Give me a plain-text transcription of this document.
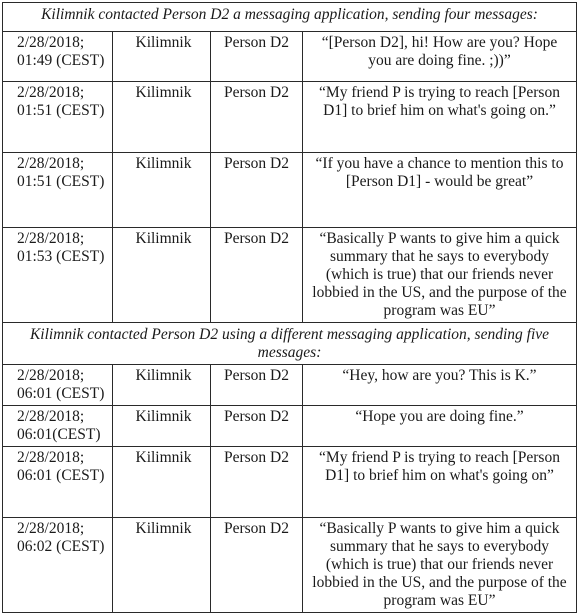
Kilimnik contacted Person D2 a messaging application, sending four messages:			

2/28/2018;
01:49 (CEST)	Kilimnik	Person D2	“[Person D2], hi! How are you? Hope you are doing fine. ;))”

2/28/2018;
01:51 (CEST)	Kilimnik	Person D2	“My friend P is trying to reach [Person D1] to brief him on what's going on.”

2/28/2018;
01:51 (CEST)	Kilimnik	Person D2	“If you have a chance to mention this to [Person D1] - would be great”

2/28/2018;
01:53 (CEST)	Kilimnik	Person D2	“Basically P wants to give him a quick summary that he says to everybody (which is true) that our friends never lobbied in the US, and the purpose of the program was EU”
Kilimnik contacted Person D2 using a different messaging application, sending five messages:			

2/28/2018;
06:01 (CEST)	Kilimnik	Person D2	“Hey, how are you? This is K.”

2/28/2018;
06:01(CEST)	Kilimnik	Person D2	“Hope you are doing fine.”

2/28/2018;
06:01 (CEST)	Kilimnik	Person D2	“My friend P is trying to reach [Person D1] to brief him on what's going on”

2/28/2018;
06:02 (CEST)	Kilimnik	Person D2	“Basically P wants to give him a quick summary that he says to everybody (which is true) that our friends never lobbied in the US, and the purpose of the program was EU”
